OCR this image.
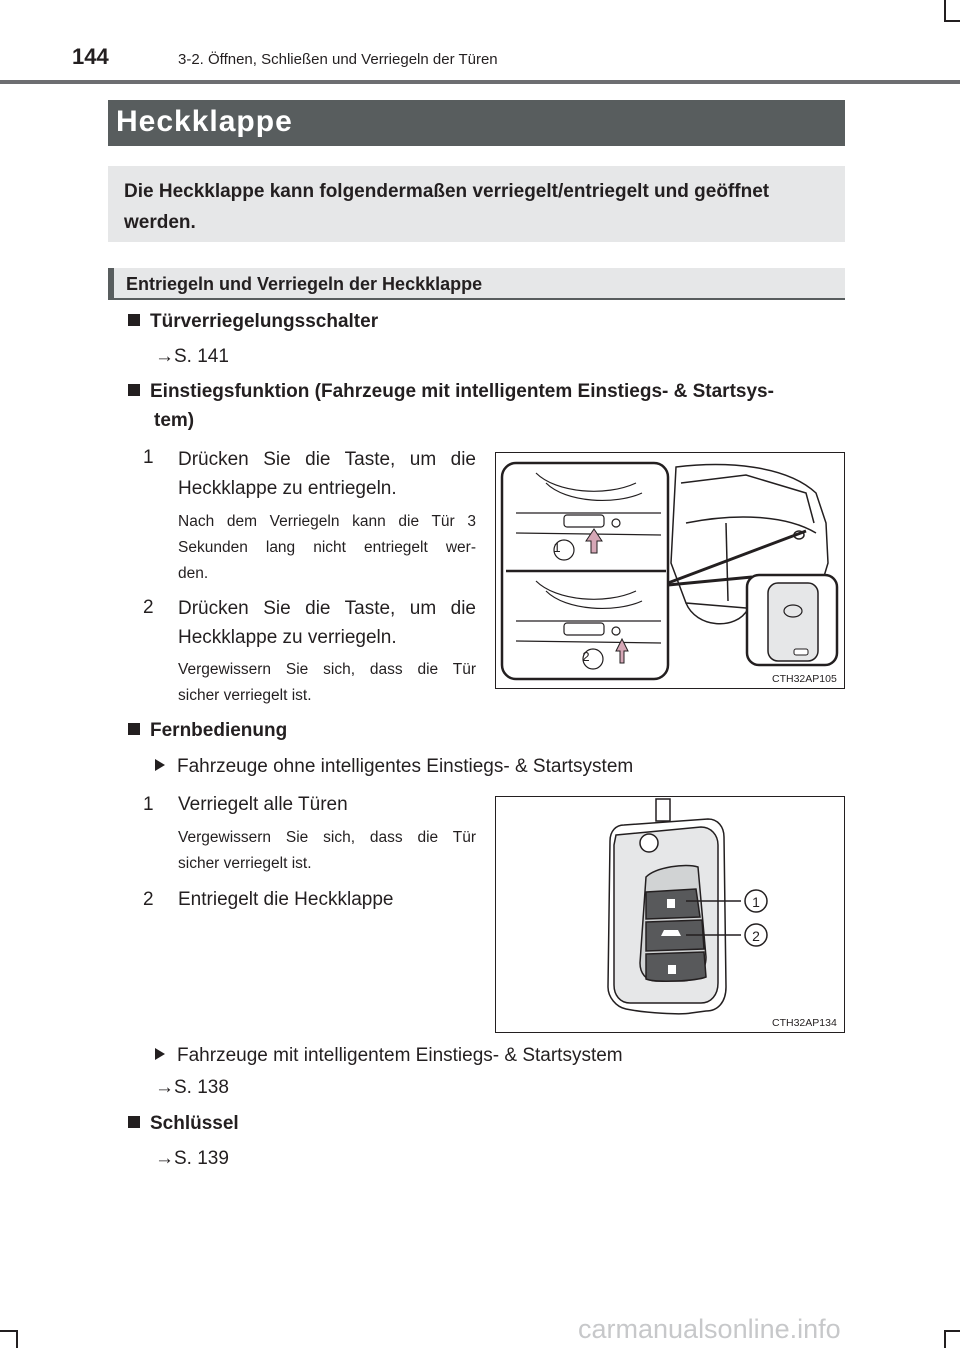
144	3-2. Öffnen, Schließen und Verriegeln der Türen
Heckklappe
Die Heckklappe kann folgendermaßen verriegelt/entriegelt und geöffnet werden.
Entriegeln und Verriegeln der Heckklappe
Türverriegelungsschalter
→S. 141
Einstiegsfunktion (Fahrzeuge mit intelligentem Einstiegs- & Startsys-
tem)
1 Drücken Sie die Taste, um die
Heckklappe zu entriegeln.
Nach dem Verriegeln kann die Tür 3
Sekunden lang nicht entriegelt wer-
den.
2 Drücken Sie die Taste, um die
Heckklappe zu verriegeln.
Vergewissern Sie sich, dass die Tür
sicher verriegelt ist.
1
2
CTH32AP105
Fernbedienung
Fahrzeuge ohne intelligentes Einstiegs- & Startsystem
1 Verriegelt alle Türen
Vergewissern Sie sich, dass die Tür
sicher verriegelt ist.
2 Entriegelt die Heckklappe	1
2
CTH32AP134
Fahrzeuge mit intelligentem Einstiegs- & Startsystem
→S. 138
Schlüssel
→S. 139
carmanualsonline.info
